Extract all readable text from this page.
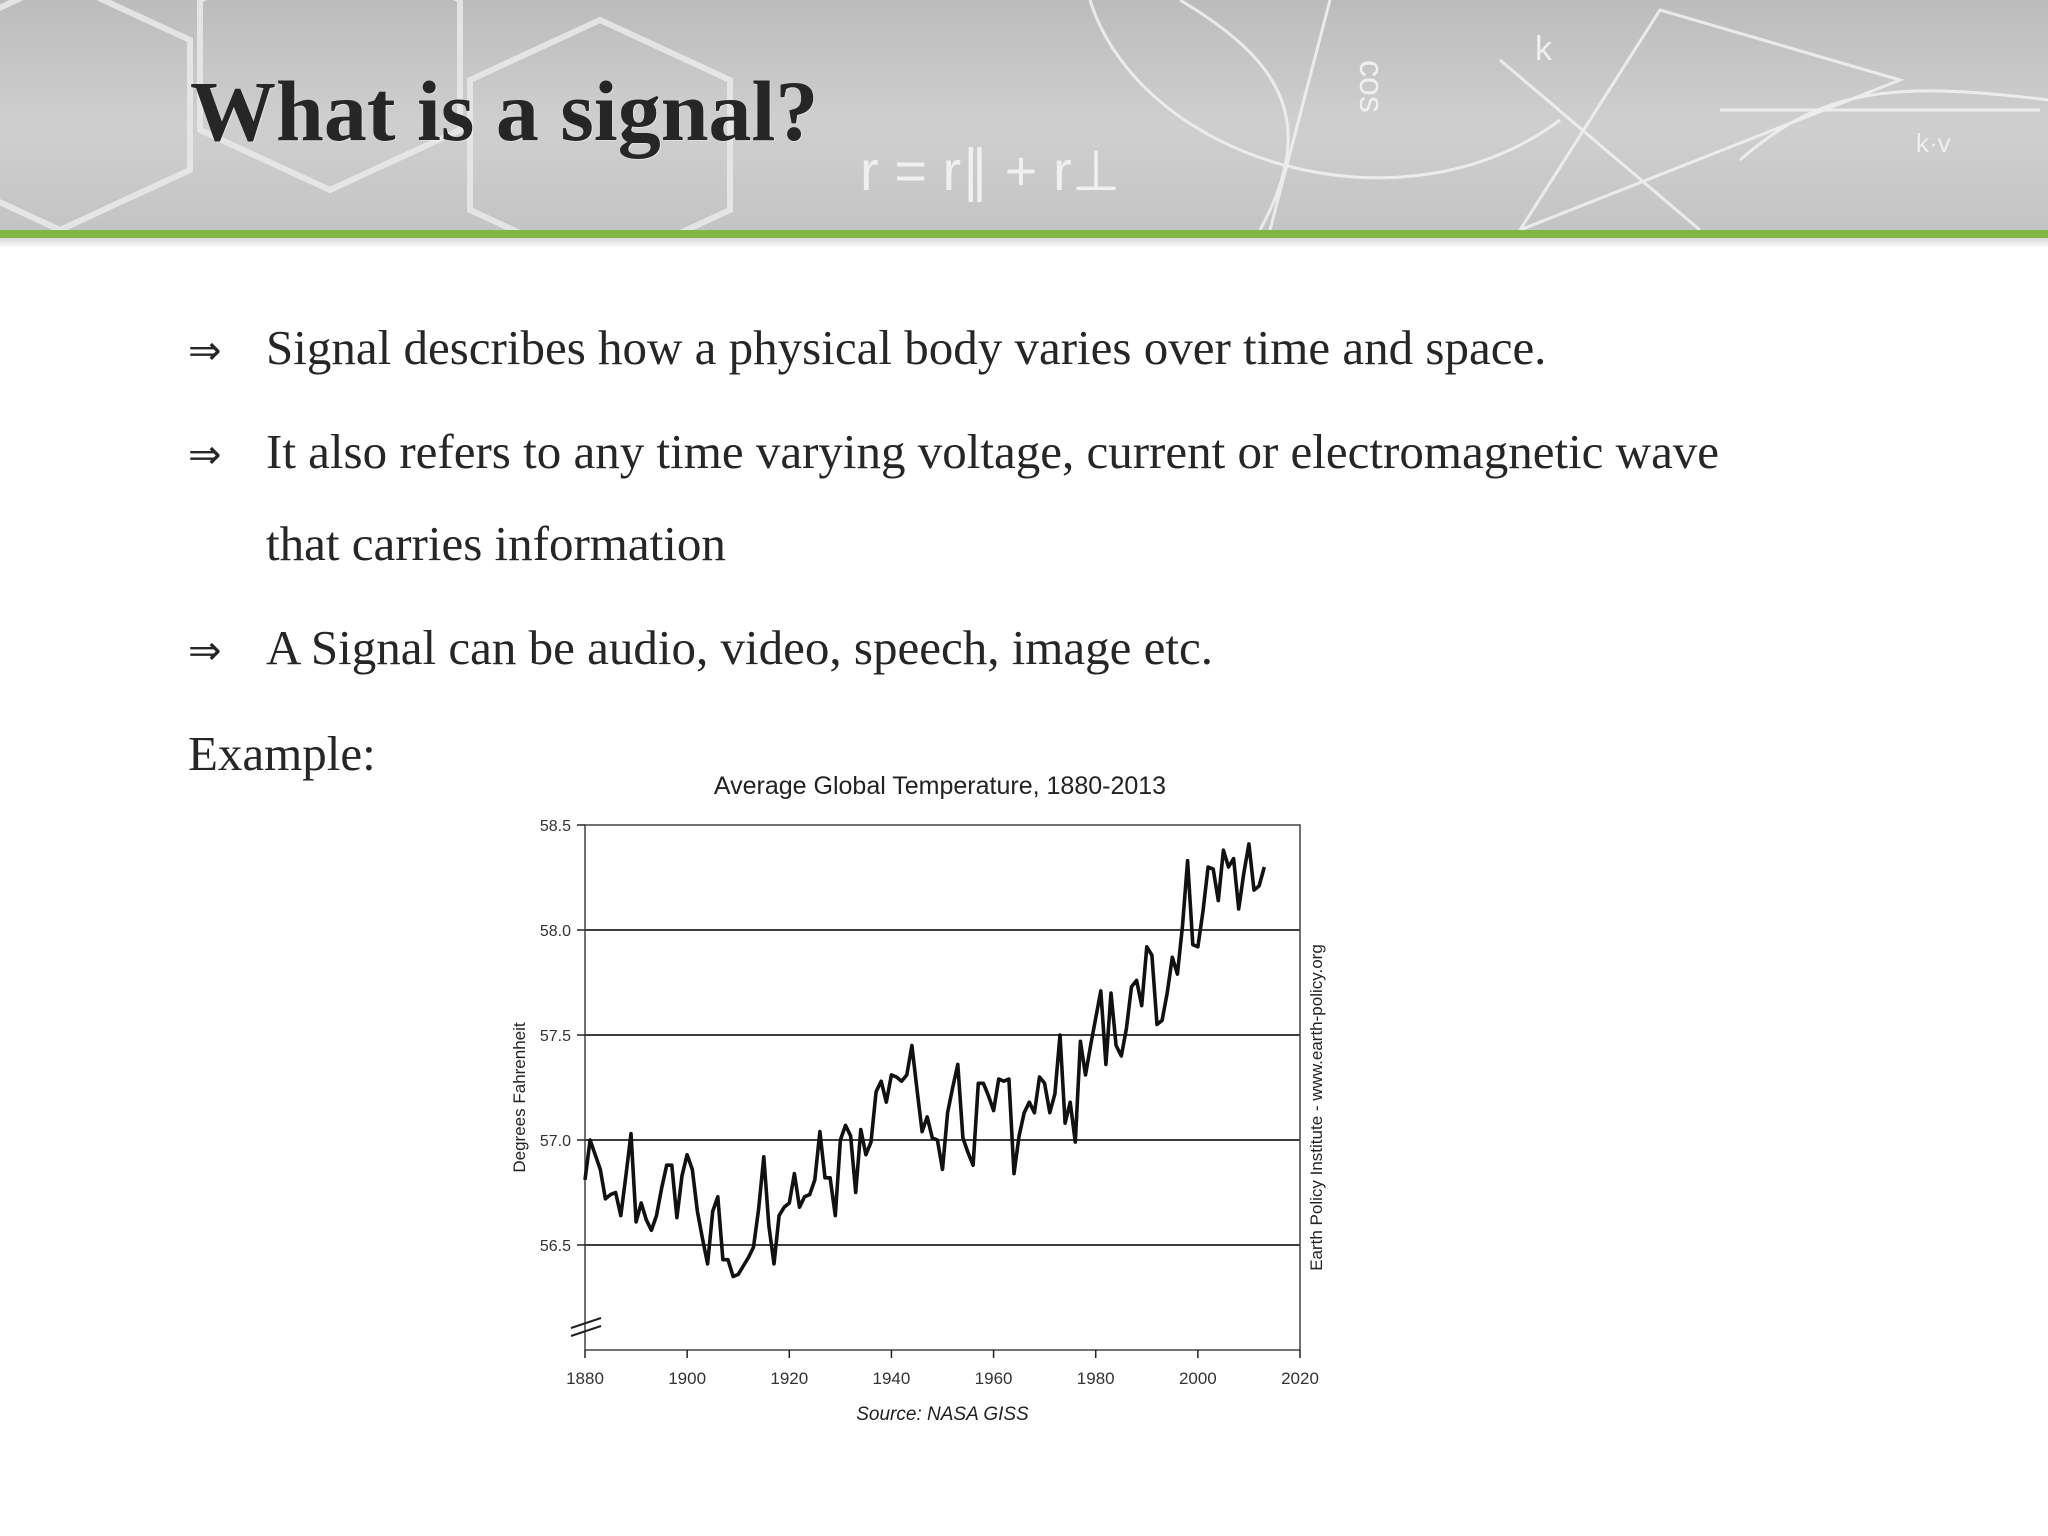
r = r∥ + r⊥
cos
k
k·v
What is a signal?
⇒ Signal describes how a physical body varies over time and space.
⇒ It also refers to any time varying voltage, current or electromagnetic wave
that carries information
⇒ A Signal can be audio, video, speech, image etc.
Example:
Average Global Temperature, 1880-2013
56.5
57.0
57.5
58.0
58.5
1880	1900	1920	1940	1960	1980	2000	2020
Degrees Fahrenheit	Earth Policy Institute - www.earth-policy.org
Source: NASA GISS
